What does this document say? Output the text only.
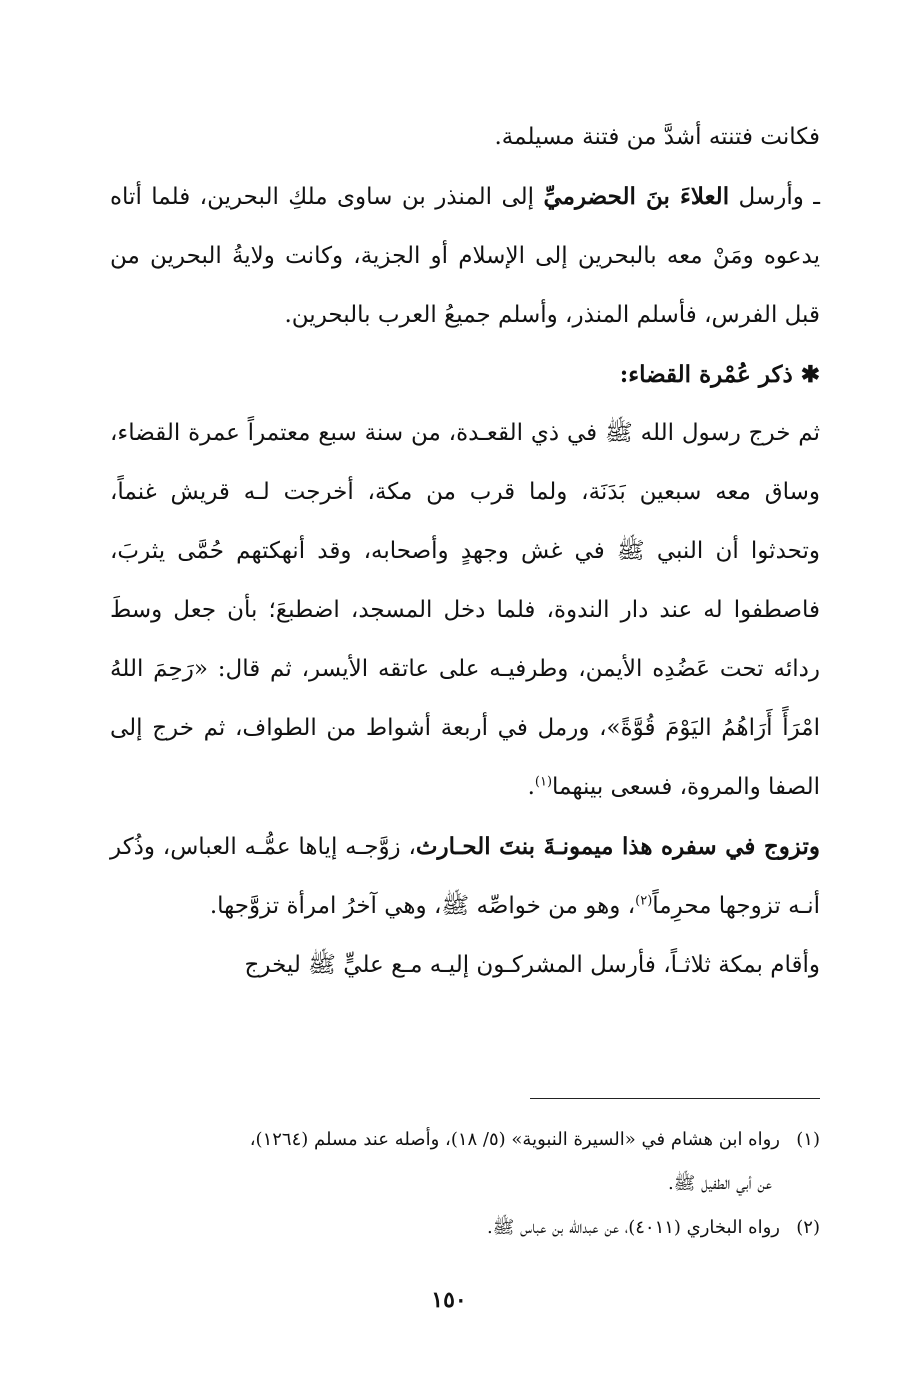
فكانت فتنته أشدَّ من فتنة مسيلمة.

ـ وأرسل العلاءَ بنَ الحضرميِّ إلى المنذر بن ساوى ملكِ البحرين، فلما أتاه يدعوه ومَنْ معه بالبحرين إلى الإسلام أو الجزية، وكانت ولايةُ البحرين من قبل الفرس، فأسلم المنذر، وأسلم جميعُ العرب بالبحرين.

✱ ذكر عُمْرة القضاء:

ثم خرج رسول الله ﷺ في ذي القعـدة، من سنة سبع معتمراً عمرة القضاء، وساق معه سبعين بَدَنَة، ولما قرب من مكة، أخرجت لـه قريش غنماً، وتحدثوا أن النبي ﷺ في غش وجهدٍ وأصحابه، وقد أنهكتهم حُمَّى يثربَ، فاصطفوا له عند دار الندوة، فلما دخل المسجد، اضطبعَ؛ بأن جعل وسطَ ردائه تحت عَضُدِه الأيمن، وطرفيـه على عاتقه الأيسر، ثم قال: «رَحِمَ اللهُ امْرَأً أَرَاهُمُ اليَوْمَ قُوَّةً»، ورمل في أربعة أشواط من الطواف، ثم خرج إلى الصفا والمروة، فسعى بينهما$^{(١)}$.

وتزوج في سفره هذا ميمونـةَ بنتَ الحـارث، زوَّجـه إياها عمُّـه العباس، وذُكر أنـه تزوجها محرِماً$^{(٢)}$، وهو من خواصِّه ﷺ، وهي آخرُ امرأة تزوَّجها.

وأقام بمكة ثلاثـاً، فأرسل المشركـون إليـه مـع عليٍّ ﷺ ليخرج

(١)رواه ابن هشام في «السيرة النبوية» (٥/ ١٨)، وأصله عند مسلم (١٢٦٤)،

عن أبي الطفيل ﷺ.

(٢)رواه البخاري (٤٠١١)، عن عبدالله بن عباس ﷺ.

١٥٠
